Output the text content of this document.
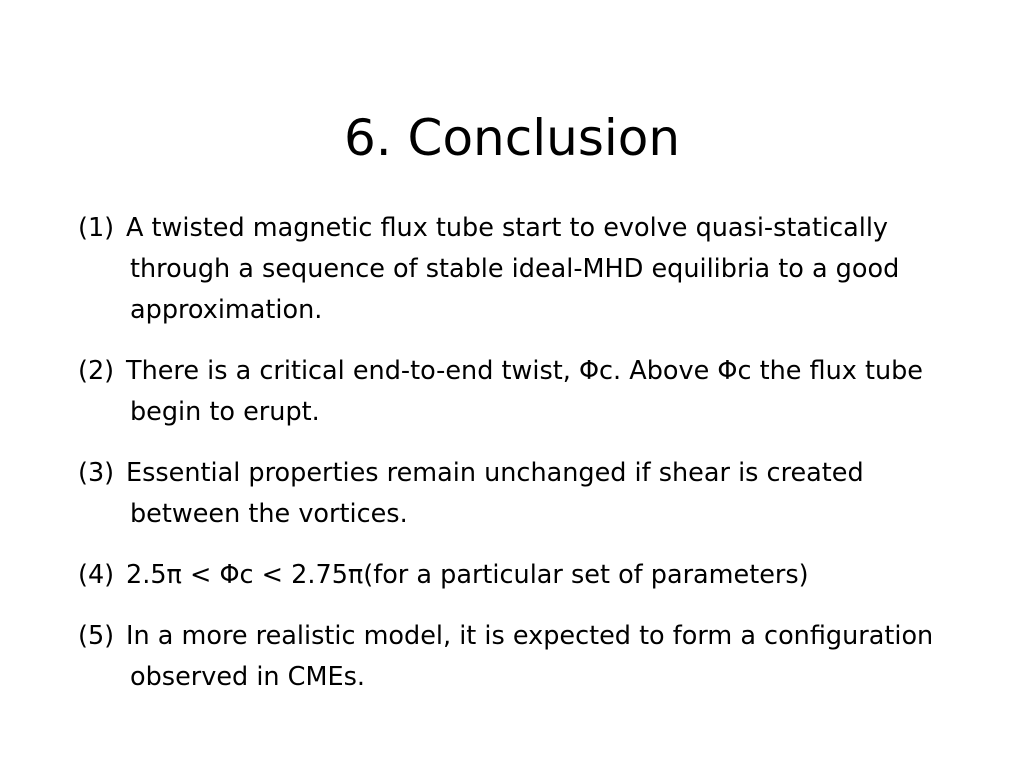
6. Conclusion
(1) A twisted magnetic flux tube start to evolve quasi-statically through a sequence of stable ideal-MHD equilibria to a good approximation.
(2) There is a critical end-to-end twist, Φc. Above Φc the flux tube begin to erupt.
(3) Essential properties remain unchanged if shear is created between the vortices.
(4) 2.5π < Φc < 2.75π(for a particular set of parameters)
(5) In a more realistic model, it is expected to form a configuration observed in CMEs.
